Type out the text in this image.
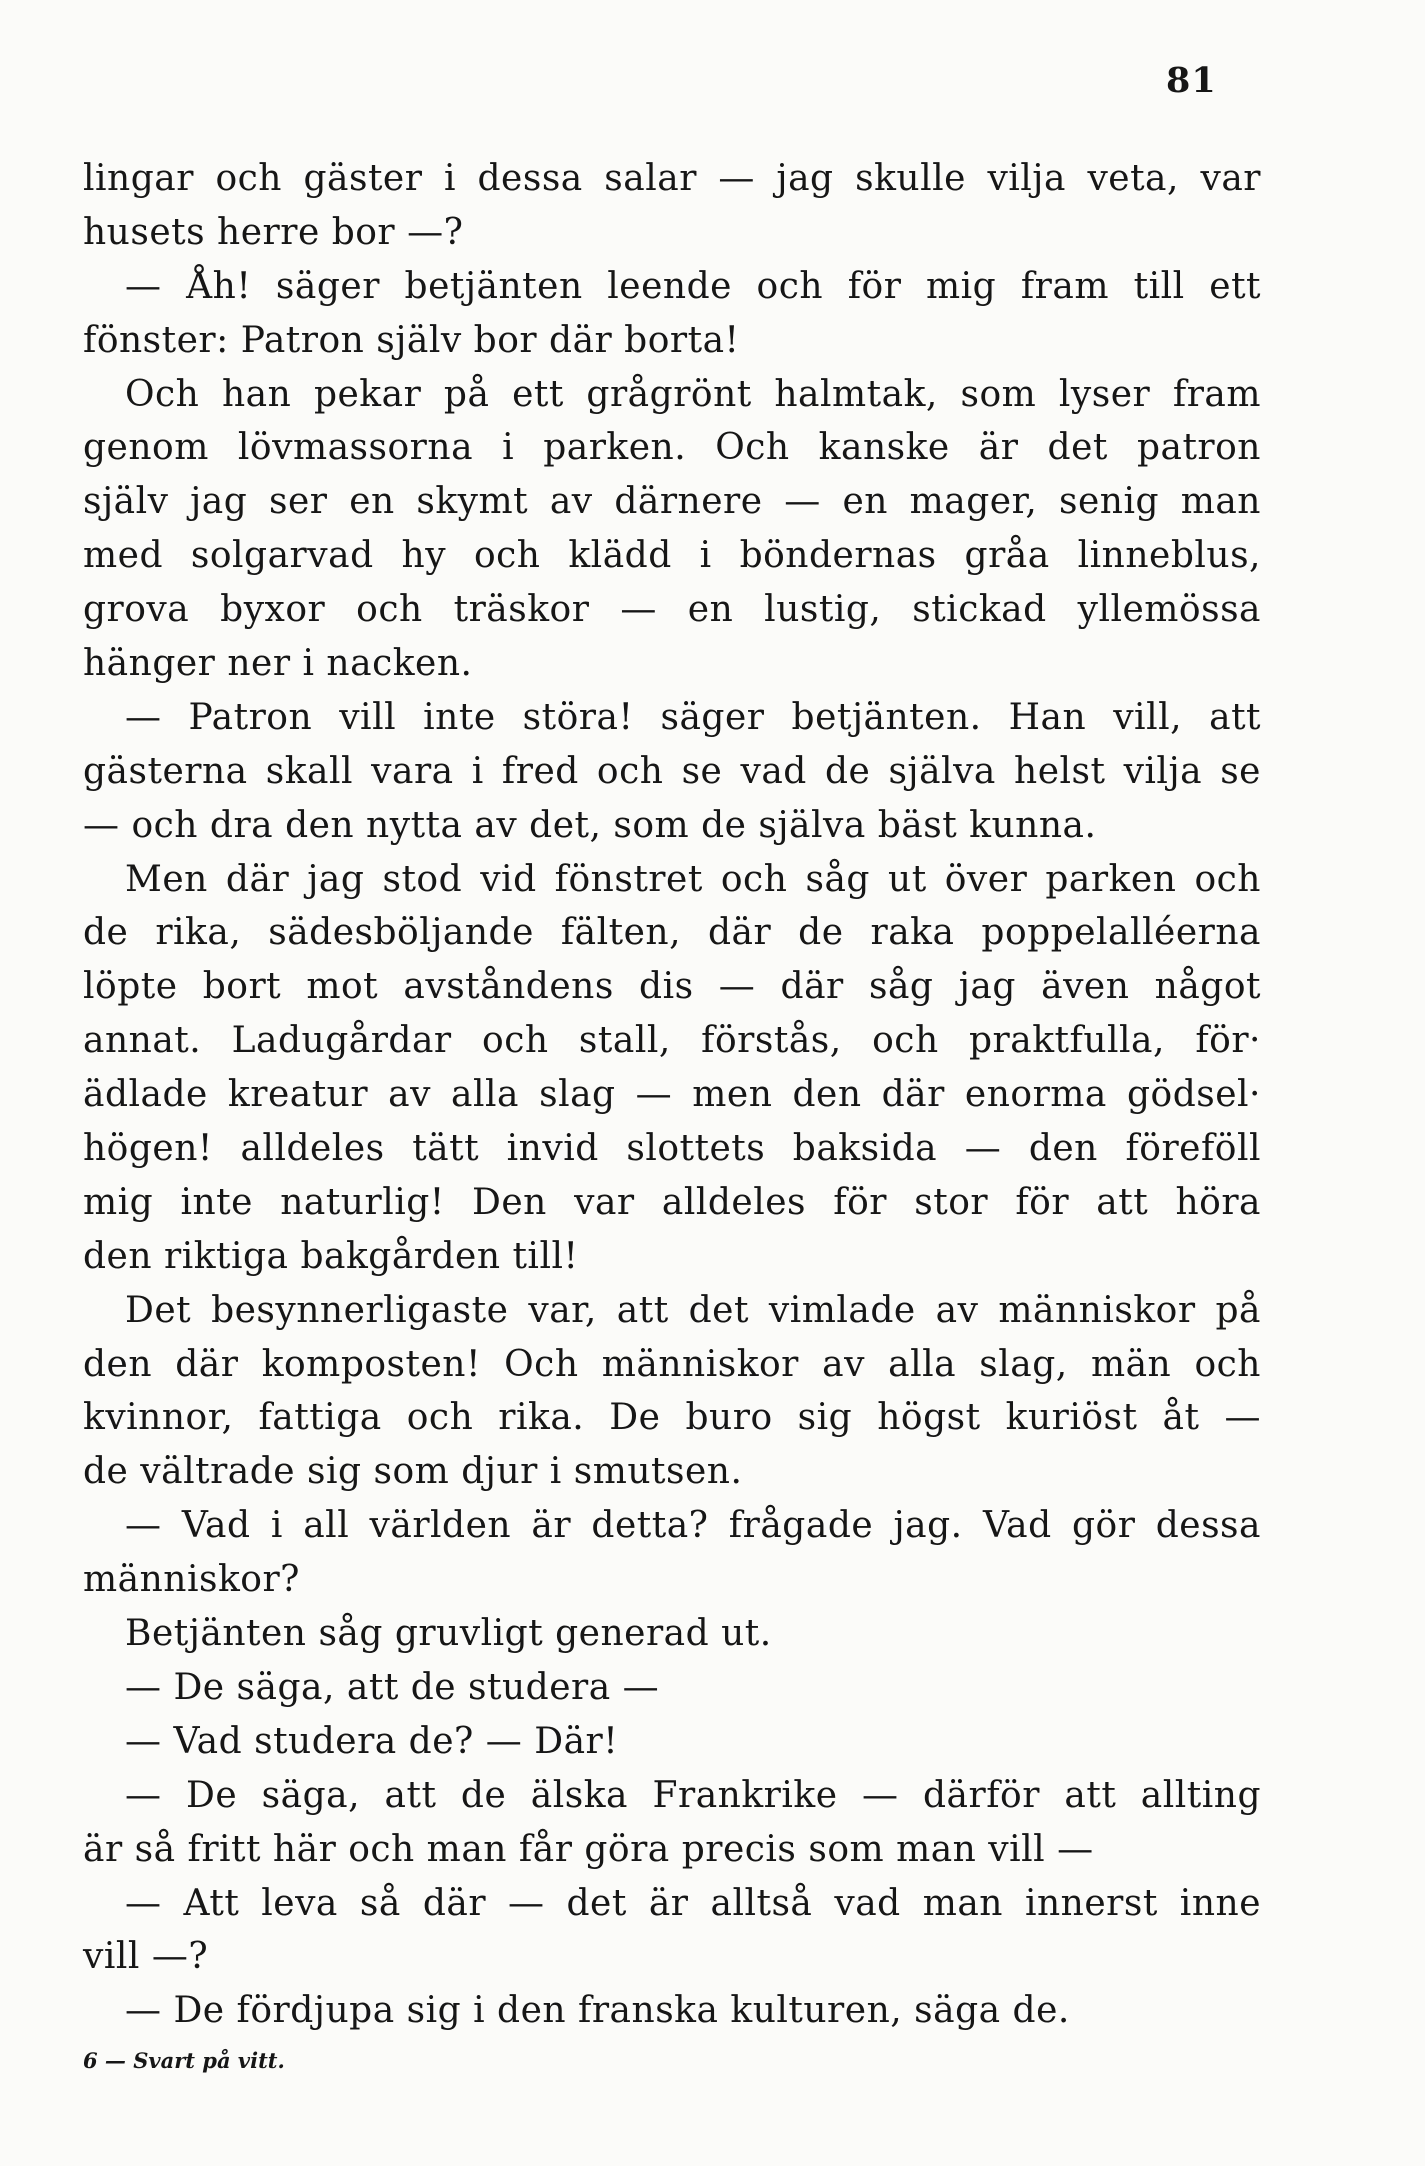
81
lingar och gäster i dessa salar — jag skulle vilja veta, var
husets herre bor —?
— Åh! säger betjänten leende och för mig fram till ett
fönster: Patron själv bor där borta!
Och han pekar på ett grågrönt halmtak, som lyser fram
genom lövmassorna i parken. Och kanske är det patron
själv jag ser en skymt av därnere — en mager, senig man
med solgarvad hy och klädd i böndernas gråa linneblus,
grova byxor och träskor — en lustig, stickad yllemössa
hänger ner i nacken.
— Patron vill inte störa! säger betjänten. Han vill, att
gästerna skall vara i fred och se vad de själva helst vilja se
— och dra den nytta av det, som de själva bäst kunna.
Men där jag stod vid fönstret och såg ut över parken och
de rika, sädesböljande fälten, där de raka poppelalléerna
löpte bort mot avståndens dis — där såg jag även något
annat. Ladugårdar och stall, förstås, och praktfulla, för·
ädlade kreatur av alla slag — men den där enorma gödsel·
högen! alldeles tätt invid slottets baksida — den föreföll
mig inte naturlig! Den var alldeles för stor för att höra
den riktiga bakgården till!
Det besynnerligaste var, att det vimlade av människor på
den där komposten! Och människor av alla slag, män och
kvinnor, fattiga och rika. De buro sig högst kuriöst åt —
de vältrade sig som djur i smutsen.
— Vad i all världen är detta? frågade jag. Vad gör dessa
människor?
Betjänten såg gruvligt generad ut.
— De säga, att de studera —
— Vad studera de? — Där!
— De säga, att de älska Frankrike — därför att allting
är så fritt här och man får göra precis som man vill —
— Att leva så där — det är alltså vad man innerst inne
vill —?
— De fördjupa sig i den franska kulturen, säga de.
6 — Svart på vitt.
